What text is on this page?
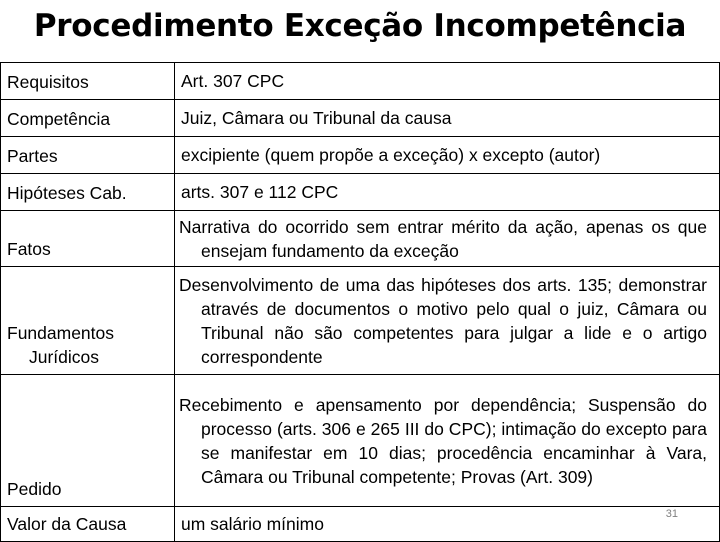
Procedimento Exceção Incompetência
Requisitos	Art. 307 CPC
Competência	Juiz, Câmara ou Tribunal da causa
Partes	excipiente (quem propõe a exceção) x excepto (autor)
Hipóteses Cab.	arts. 307 e 112 CPC
Fatos	Narrativa do ocorrido sem entrar mérito da ação, apenas os que ensejam fundamento da exceção

Fundamentos Jurídicos	Desenvolvimento de uma das hipóteses dos arts. 135; demonstrar através de documentos o motivo pelo qual o juiz, Câmara ou Tribunal não são competentes para julgar a lide e o artigo correspondente

Pedido	Recebimento e apensamento por dependência; Suspensão do processo (arts. 306 e 265 III do CPC); intimação do excepto para se manifestar em 10 dias; procedência encaminhar à Vara, Câmara ou Tribunal competente; Provas (Art. 309)

Valor da Causa	um salário mínimo	31
